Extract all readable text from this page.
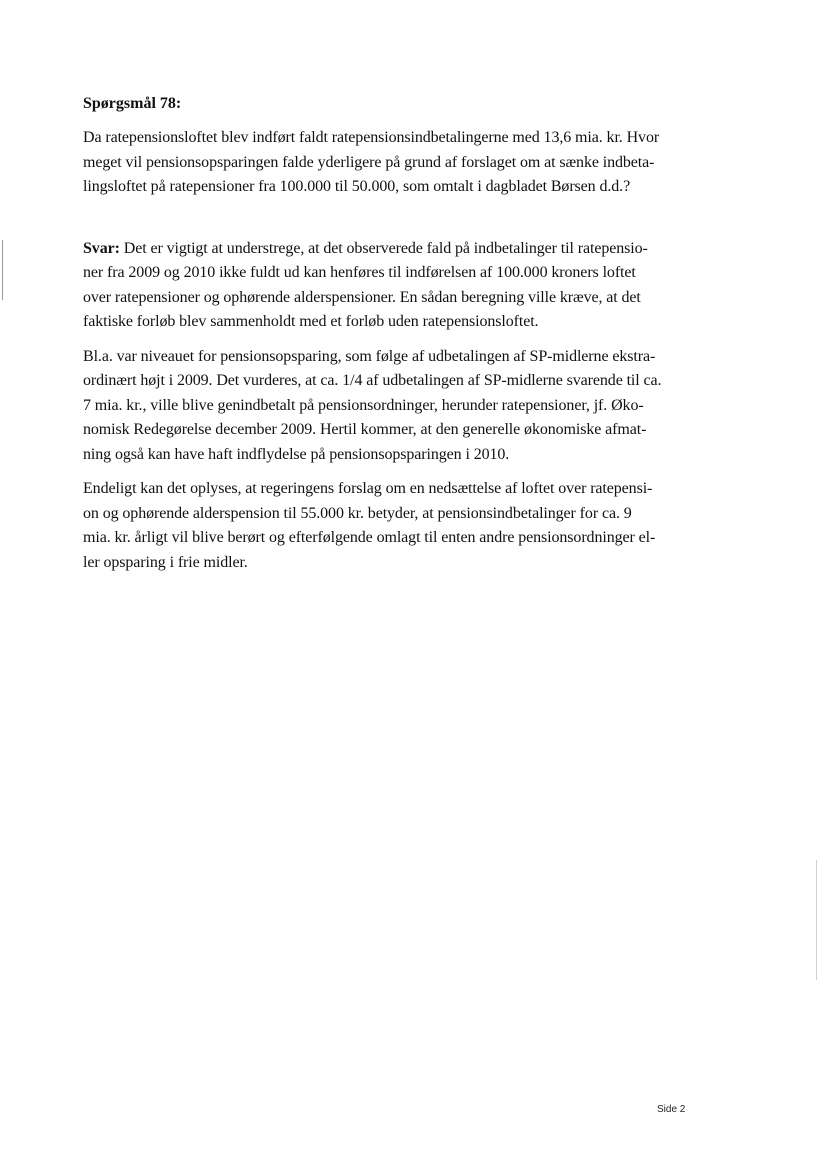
Spørgsmål 78:
Da ratepensionsloftet blev indført faldt ratepensionsindbetalingerne med 13,6 mia. kr. Hvor
meget vil pensionsopsparingen falde yderligere på grund af forslaget om at sænke indbeta-
lingsloftet på ratepensioner fra 100.000 til 50.000, som omtalt i dagbladet Børsen d.d.?
Svar: Det er vigtigt at understrege, at det observerede fald på indbetalinger til ratepensio-
ner fra 2009 og 2010 ikke fuldt ud kan henføres til indførelsen af 100.000 kroners loftet
over ratepensioner og ophørende alderspensioner. En sådan beregning ville kræve, at det
faktiske forløb blev sammenholdt med et forløb uden ratepensionsloftet.
Bl.a. var niveauet for pensionsopsparing, som følge af udbetalingen af SP-midlerne ekstra-
ordinært højt i 2009. Det vurderes, at ca. 1/4 af udbetalingen af SP-midlerne svarende til ca.
7 mia. kr., ville blive genindbetalt på pensionsordninger, herunder ratepensioner, jf. Øko-
nomisk Redegørelse december 2009. Hertil kommer, at den generelle økonomiske afmat-
ning også kan have haft indflydelse på pensionsopsparingen i 2010.
Endeligt kan det oplyses, at regeringens forslag om en nedsættelse af loftet over ratepensi-
on og ophørende alderspension til 55.000 kr. betyder, at pensionsindbetalinger for ca. 9
mia. kr. årligt vil blive berørt og efterfølgende omlagt til enten andre pensionsordninger el-
ler opsparing i frie midler.
Side 2
